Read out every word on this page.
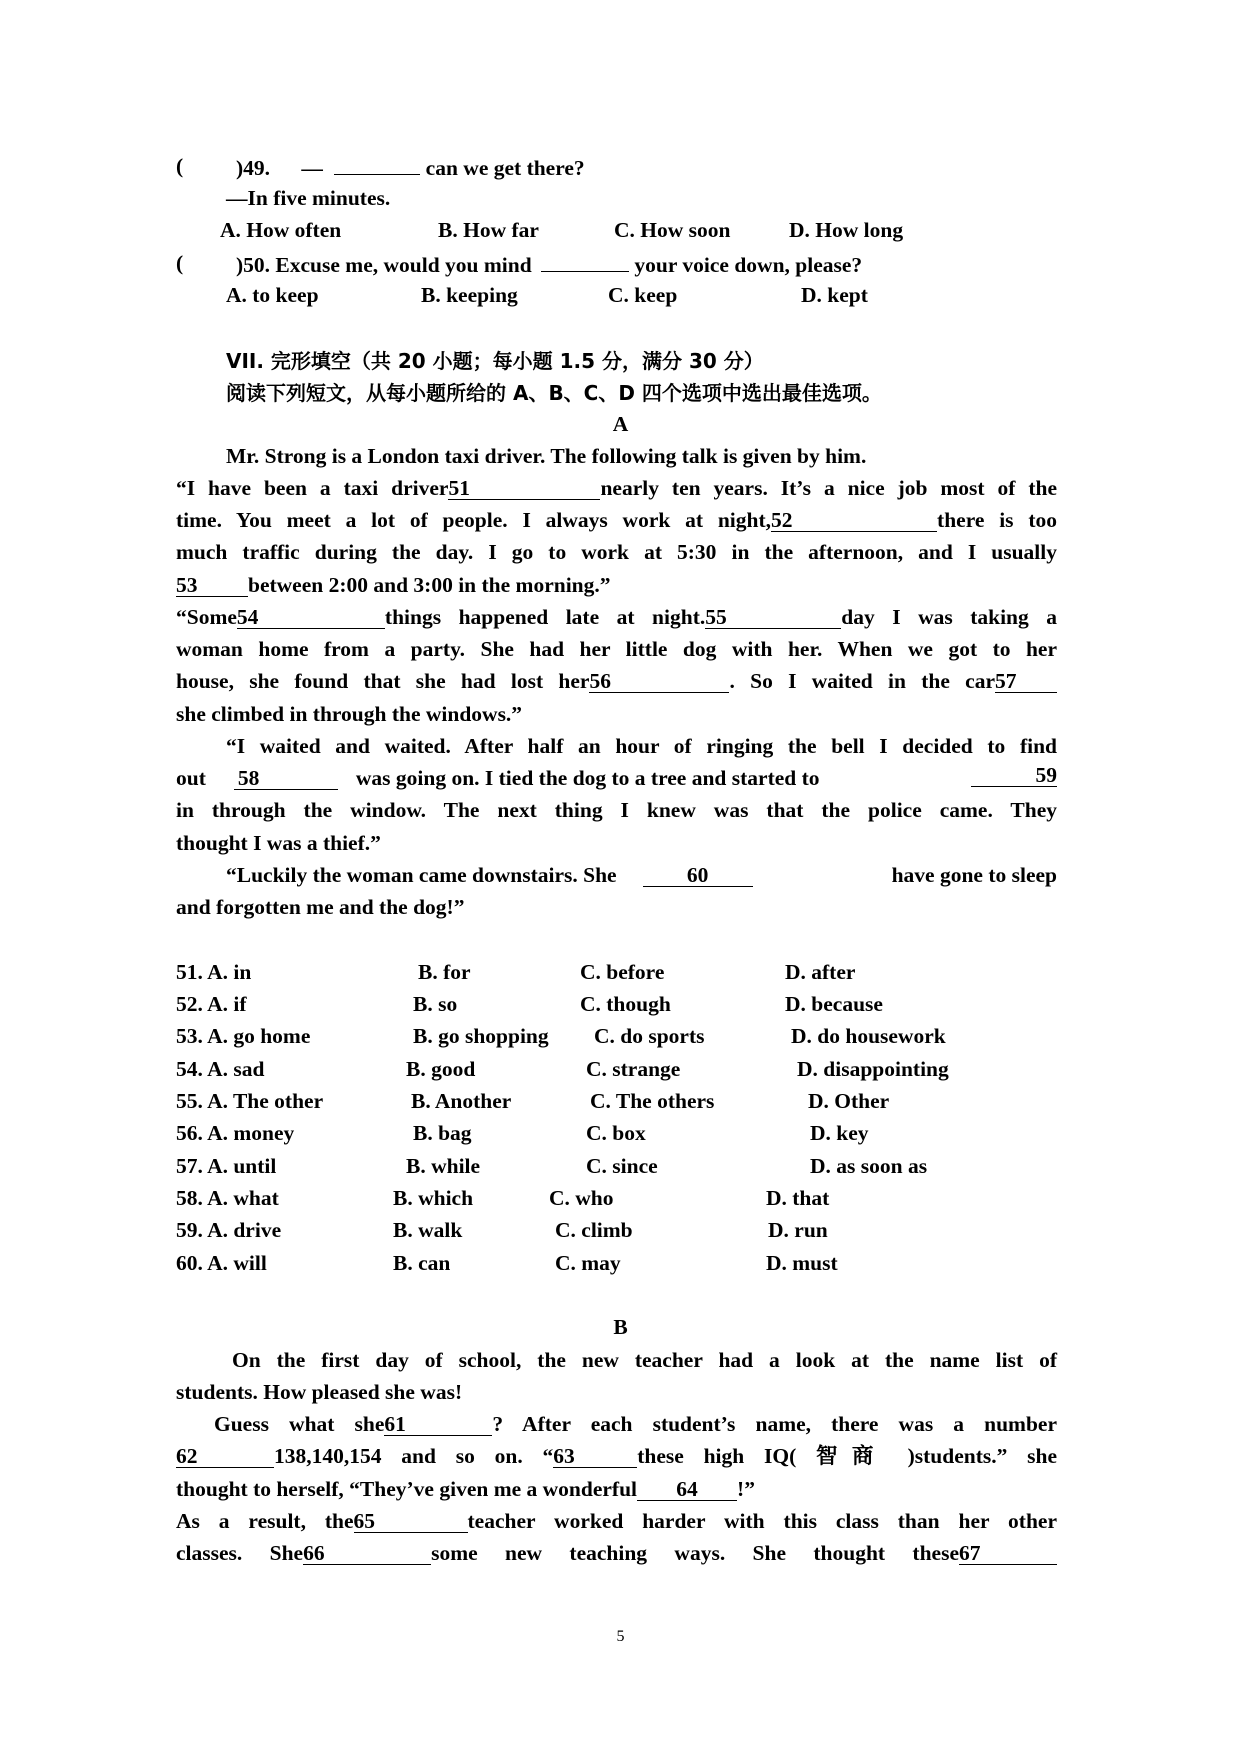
( )49. —	can we get there?
—In five minutes.
A. How often	B. How far	C. How soon	D. How long
( )50. Excuse me, would you mind	your voice down, please?
A. to keep	B. keeping	C. keep	D. kept
VII. 完形填空（共 20 小题；每小题 1.5 分，满分 30 分）
阅读下列短文，从每小题所给的 A、B、C、D 四个选项中选出最佳选项。
A
Mr. Strong is a London taxi driver. The following talk is given by him.
“I have been a taxi driver51	nearly ten years. It’s a nice job most of the
time. You meet a lot of people. I always work at night,52	there is too
much traffic during the day. I go to work at 5:30 in the afternoon, and I usually
53 between 2:00 and 3:00 in the morning.”
“Some54	things happened late at night.55	day I was taking a
woman home from a party. She had her little dog with her. When we got to her
house, she found that she had lost her56	. So I waited in the car57
she climbed in through the windows.”
“I waited and waited. After half an hour of ringing the bell I decided to find
out 58	was going on. I tied the dog to a tree and started to	59
in through the window. The next thing I knew was that the police came. They
thought I was a thief.”
“Luckily the woman came downstairs. She	60	have gone to sleep
and forgotten me and the dog!”
51. A. in	B. for	C. before	D. after
52. A. if	B. so	C. though	D. because
53. A. go home	B. go shopping C. do sports	D. do housework
54. A. sad	B. good	C. strange	D. disappointing
55. A. The other	B. Another	C. The others	D. Other
56. A. money	B. bag	C. box	D. key
57. A. until	B. while	C. since	D. as soon as
58. A. what	B. which	C. who	D. that
59. A. drive	B. walk	C. climb	D. run
60. A. will	B. can	C. may	D. must
B
On the first day of school, the new teacher had a look at the name list of
students. How pleased she was!
Guess what she61	? After each student’s name, there was a number
62	138,140,154 and so on. “63	these high IQ( 智商 )students.” she
thought to herself, “They’ve given me a wonderful 64 !”
As a result, the65	teacher worked harder with this class than her other
classes. She66	some new teaching ways. She thought these67
5
